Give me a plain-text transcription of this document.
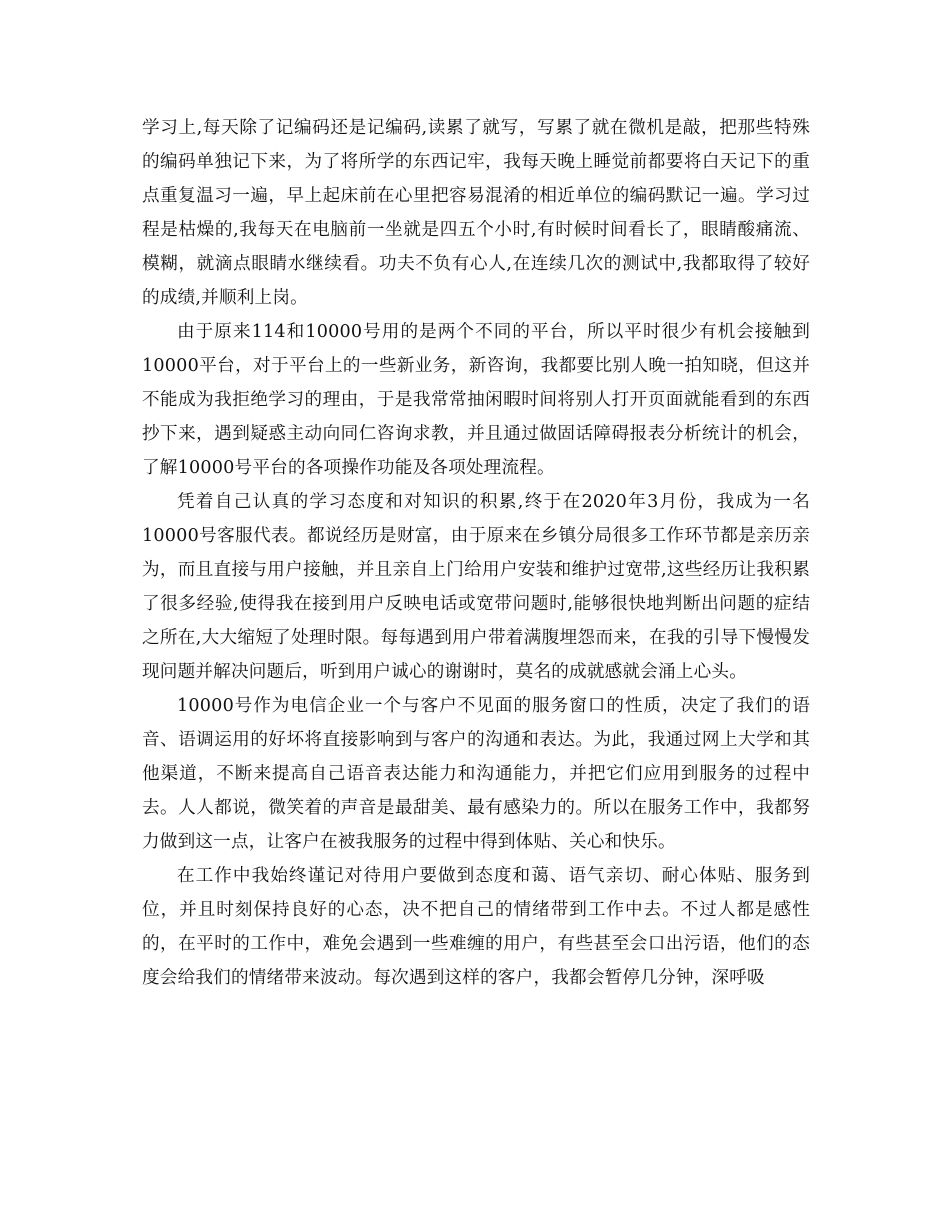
学习上,每天除了记编码还是记编码,读累了就写，写累了就在微机是敲，把那些特殊的编码单独记下来，为了将所学的东西记牢，我每天晚上睡觉前都要将白天记下的重点重复温习一遍，早上起床前在心里把容易混淆的相近单位的编码默记一遍。学习过程是枯燥的,我每天在电脑前一坐就是四五个小时,有时候时间看长了，眼睛酸痛流、模糊，就滴点眼睛水继续看。功夫不负有心人,在连续几次的测试中,我都取得了较好的成绩,并顺利上岗。

由于原来114和10000号用的是两个不同的平台，所以平时很少有机会接触到10000平台，对于平台上的一些新业务，新咨询，我都要比别人晚一拍知晓，但这并不能成为我拒绝学习的理由，于是我常常抽闲暇时间将别人打开页面就能看到的东西抄下来，遇到疑惑主动向同仁咨询求教，并且通过做固话障碍报表分析统计的机会，了解10000号平台的各项操作功能及各项处理流程。

凭着自己认真的学习态度和对知识的积累,终于在2020年3月份，我成为一名10000号客服代表。都说经历是财富，由于原来在乡镇分局很多工作环节都是亲历亲为，而且直接与用户接触，并且亲自上门给用户安装和维护过宽带,这些经历让我积累了很多经验,使得我在接到用户反映电话或宽带问题时,能够很快地判断出问题的症结之所在,大大缩短了处理时限。每每遇到用户带着满腹埋怨而来，在我的引导下慢慢发现问题并解决问题后，听到用户诚心的谢谢时，莫名的成就感就会涌上心头。

10000号作为电信企业一个与客户不见面的服务窗口的性质，决定了我们的语音、语调运用的好坏将直接影响到与客户的沟通和表达。为此，我通过网上大学和其他渠道，不断来提高自己语音表达能力和沟通能力，并把它们应用到服务的过程中去。人人都说，微笑着的声音是最甜美、最有感染力的。所以在服务工作中，我都努力做到这一点，让客户在被我服务的过程中得到体贴、关心和快乐。

在工作中我始终谨记对待用户要做到态度和蔼、语气亲切、耐心体贴、服务到位，并且时刻保持良好的心态，决不把自己的情绪带到工作中去。不过人都是感性的，在平时的工作中，难免会遇到一些难缠的用户，有些甚至会口出污语，他们的态度会给我们的情绪带来波动。每次遇到这样的客户，我都会暂停几分钟，深呼吸
